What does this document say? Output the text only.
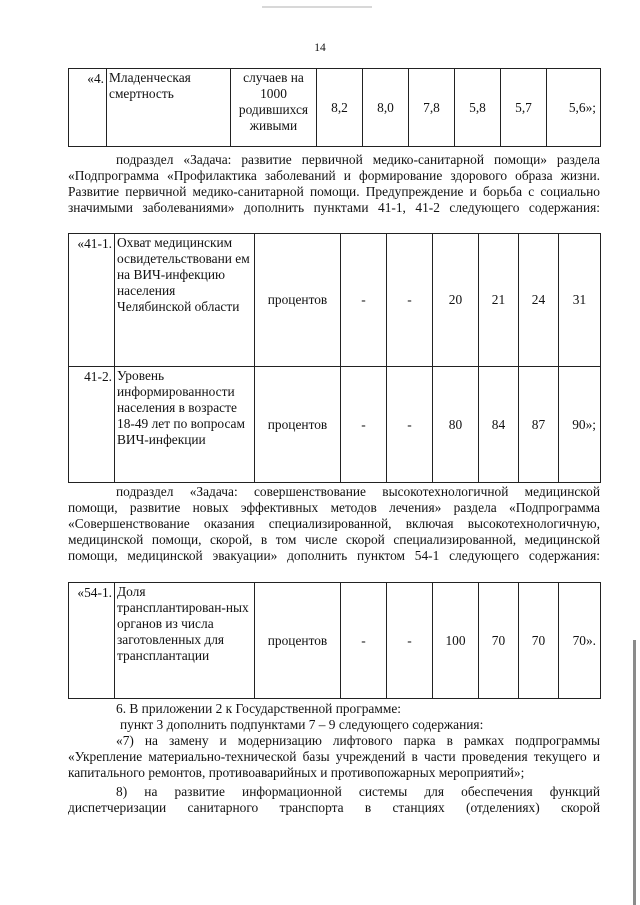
14
«4.	Младенческая смертность	случаев на 1000 родившихся живыми	8,2	8,0	7,8	5,8	5,7	5,6»;

подраздел «Задача: развитие первичной медико-санитарной помощи» раздела «Подпрограмма «Профилактика заболеваний и формирование здорового образа жизни. Развитие первичной медико-санитарной помощи. Предупреждение и борьба с социально значимыми заболеваниями» дополнить пунктами 41-1, 41-2 следующего содержания:

«41-1.	Охват медицинским освидетельствовани ем на ВИЧ-инфекцию населения Челябинской области	процентов	-	-	20	21	24	31
41-2.	Уровень информированности населения в возрасте 18-49 лет по вопросам ВИЧ-инфекции	процентов	-	-	80	84	87	90»;

подраздел «Задача: совершенствование высокотехнологичной медицинской помощи, развитие новых эффективных методов лечения» раздела «Подпрограмма «Совершенствование оказания специализированной, включая высокотехнологичную, медицинской помощи, скорой, в том числе скорой специализированной, медицинской помощи, медицинской эвакуации» дополнить пунктом 54-1 следующего содержания:

«54-1.	Доля трансплантирован-ных органов из числа заготовленных для трансплантации	процентов	-	-	100	70	70	70».

6. В приложении 2 к Государственной программе:

пункт 3 дополнить подпунктами 7 – 9 следующего содержания:

«7) на замену и модернизацию лифтового парка в рамках подпрограммы «Укрепление материально-технической базы учреждений в части проведения текущего и капитального ремонтов, противоаварийных и противопожарных мероприятий»;

8) на развитие информационной системы для обеспечения функций диспетчеризации санитарного транспорта в станциях (отделениях) скорой
